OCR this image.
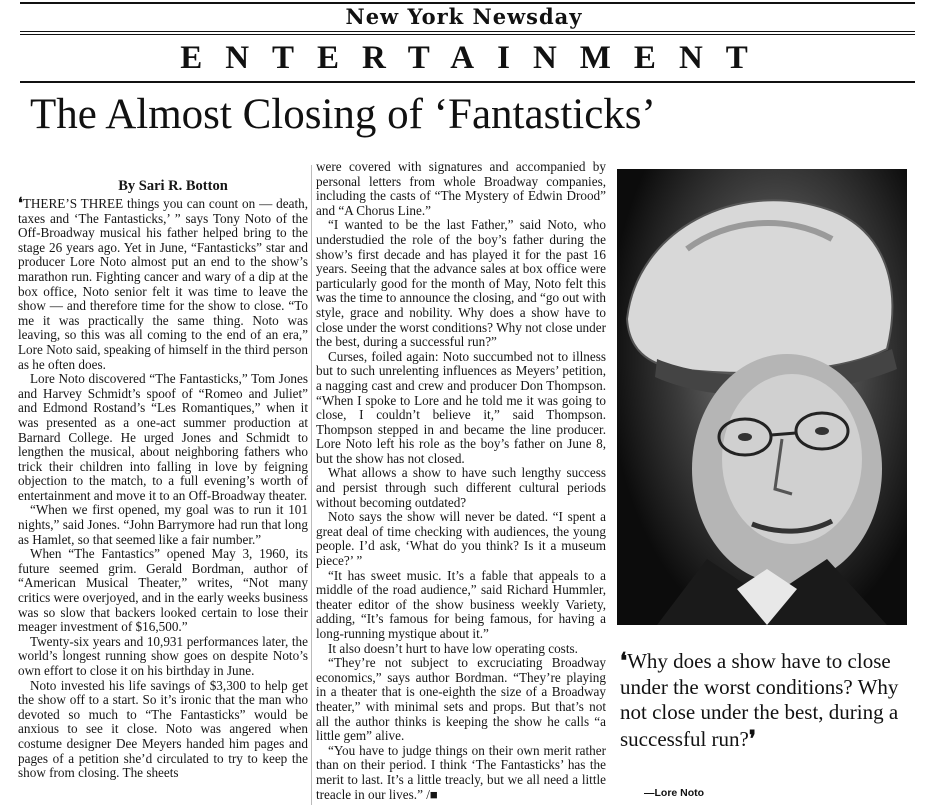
New York Newsday
ENTERTAINMENT
The Almost Closing of ‘Fantasticks’
By Sari R. Botton

❛THERE’S THREE things you can count on — death, taxes and ‘The Fantasticks,’ ” says Tony Noto of the Off-Broadway musical his father helped bring to the stage 26 years ago. Yet in June, “Fantasticks” star and producer Lore Noto almost put an end to the show’s marathon run. Fighting cancer and wary of a dip at the box office, Noto senior felt it was time to leave the show — and therefore time for the show to close. “To me it was practically the same thing. Noto was leaving, so this was all coming to the end of an era,” Lore Noto said, speaking of himself in the third person as he often does.

Lore Noto discovered “The Fantasticks,” Tom Jones and Harvey Schmidt’s spoof of “Romeo and Juliet” and Edmond Rostand’s “Les Romantiques,” when it was presented as a one-act summer production at Barnard College. He urged Jones and Schmidt to lengthen the musical, about neighboring fathers who trick their children into falling in love by feigning objection to the match, to a full evening’s worth of entertainment and move it to an Off-Broadway theater.

“When we first opened, my goal was to run it 101 nights,” said Jones. “John Barrymore had run that long as Hamlet, so that seemed like a fair number.”

When “The Fantastics” opened May 3, 1960, its future seemed grim. Gerald Bordman, author of “American Musical Theater,” writes, “Not many critics were overjoyed, and in the early weeks business was so slow that backers looked certain to lose their meager investment of $16,500.”

Twenty-six years and 10,931 performances later, the world’s longest running show goes on despite Noto’s own effort to close it on his birthday in June.

Noto invested his life savings of $3,300 to help get the show off to a start. So it’s ironic that the man who devoted so much to “The Fantasticks” would be anxious to see it close. Noto was angered when costume designer Dee Meyers handed him pages and pages of a petition she’d circulated to try to keep the show from closing. The sheets

were covered with signatures and accompanied by personal letters from whole Broadway companies, including the casts of “The Mystery of Edwin Drood” and “A Chorus Line.”

“I wanted to be the last Father,” said Noto, who understudied the role of the boy’s father during the show’s first decade and has played it for the past 16 years. Seeing that the advance sales at box office were particularly good for the month of May, Noto felt this was the time to announce the closing, and “go out with style, grace and nobility. Why does a show have to close under the worst conditions? Why not close under the best, during a successful run?”

Curses, foiled again: Noto succumbed not to illness but to such unrelenting influences as Meyers’ petition, a nagging cast and crew and producer Don Thompson. “When I spoke to Lore and he told me it was going to close, I couldn’t believe it,” said Thompson. Thompson stepped in and became the line producer. Lore Noto left his role as the boy’s father on June 8, but the show has not closed.

What allows a show to have such lengthy success and persist through such different cultural periods without becoming outdated?

Noto says the show will never be dated. “I spent a great deal of time checking with audiences, the young people. I’d ask, ‘What do you think? Is it a museum piece?’ ”

“It has sweet music. It’s a fable that appeals to a middle of the road audience,” said Richard Hummler, theater editor of the show business weekly Variety, adding, “It’s famous for being famous, for having a long-running mystique about it.”

It also doesn’t hurt to have low operating costs.

“They’re not subject to excruciating Broadway economics,” says author Bordman. “They’re playing in a theater that is one-eighth the size of a Broadway theater,” with minimal sets and props. But that’s not all the author thinks is keeping the show he calls “a little gem” alive.

“You have to judge things on their own merit rather than on their period. I think ‘The Fantasticks’ has the merit to last. It’s a little treacly, but we all need a little treacle in our lives.” /■

❛Why does a show have to close under the worst conditions? Why not close under the best, during a successful run?❜
—Lore Noto
